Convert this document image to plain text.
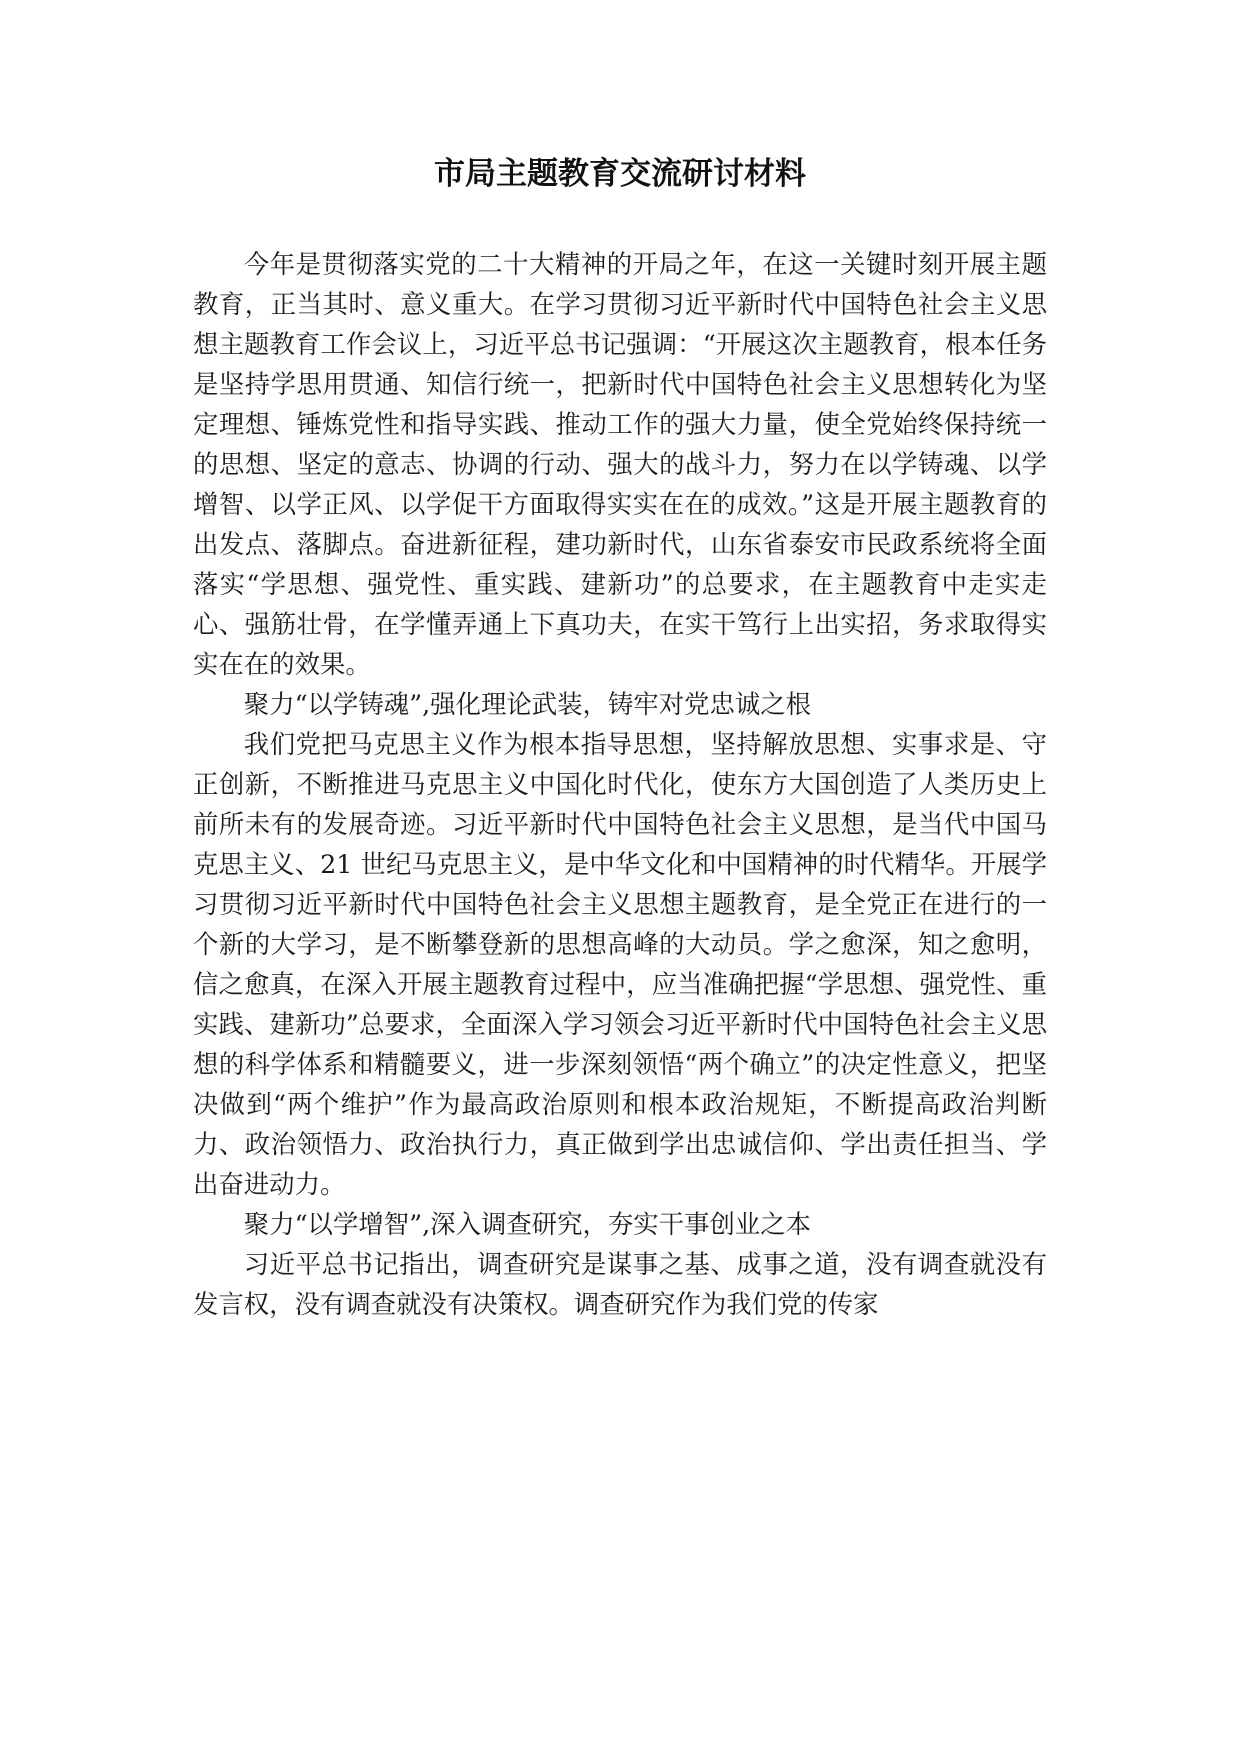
市局主题教育交流研讨材料

今年是贯彻落实党的二十大精神的开局之年，在这一关键时刻开展主题教育，正当其时、意义重大。在学习贯彻习近平新时代中国特色社会主义思想主题教育工作会议上，习近平总书记强调：“开展这次主题教育，根本任务是坚持学思用贯通、知信行统一，把新时代中国特色社会主义思想转化为坚定理想、锤炼党性和指导实践、推动工作的强大力量，使全党始终保持统一的思想、坚定的意志、协调的行动、强大的战斗力，努力在以学铸魂、以学增智、以学正风、以学促干方面取得实实在在的成效。”这是开展主题教育的出发点、落脚点。奋进新征程，建功新时代，山东省泰安市民政系统将全面落实“学思想、强党性、重实践、建新功”的总要求，在主题教育中走实走心、强筋壮骨，在学懂弄通上下真功夫，在实干笃行上出实招，务求取得实实在在的效果。

聚力“以学铸魂”,强化理论武装，铸牢对党忠诚之根

我们党把马克思主义作为根本指导思想，坚持解放思想、实事求是、守正创新，不断推进马克思主义中国化时代化，使东方大国创造了人类历史上前所未有的发展奇迹。习近平新时代中国特色社会主义思想，是当代中国马克思主义、21 世纪马克思主义，是中华文化和中国精神的时代精华。开展学习贯彻习近平新时代中国特色社会主义思想主题教育，是全党正在进行的一个新的大学习，是不断攀登新的思想高峰的大动员。学之愈深，知之愈明，信之愈真，在深入开展主题教育过程中，应当准确把握“学思想、强党性、重实践、建新功”总要求，全面深入学习领会习近平新时代中国特色社会主义思想的科学体系和精髓要义，进一步深刻领悟“两个确立”的决定性意义，把坚决做到“两个维护”作为最高政治原则和根本政治规矩，不断提高政治判断力、政治领悟力、政治执行力，真正做到学出忠诚信仰、学出责任担当、学出奋进动力。

聚力“以学增智”,深入调查研究，夯实干事创业之本

习近平总书记指出，调查研究是谋事之基、成事之道，没有调查就没有发言权，没有调查就没有决策权。调查研究作为我们党的传家
